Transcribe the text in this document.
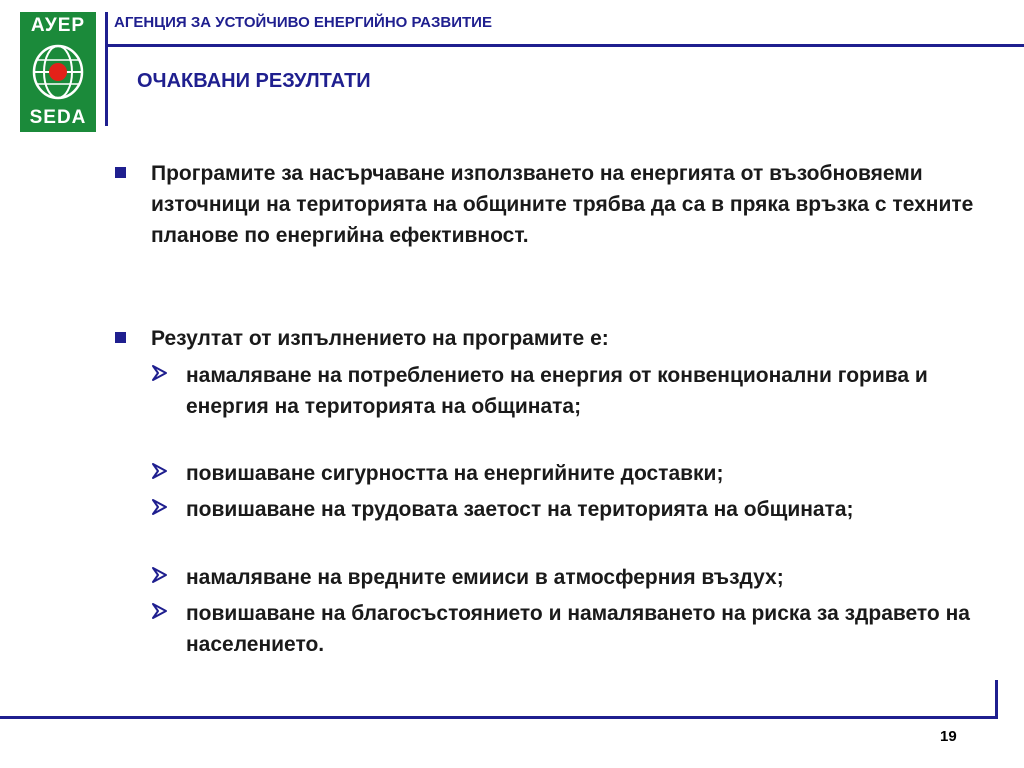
АУЕР
SEDA
АГЕНЦИЯ ЗА УСТОЙЧИВО ЕНЕРГИЙНО РАЗВИТИЕ
ОЧАКВАНИ РЕЗУЛТАТИ
Програмите за насърчаване използването на енергията от възобновяеми източници на територията на общините трябва да са в пряка връзка с техните планове по енергийна ефективност.
Резултат от изпълнението на програмите е:
намаляване на потреблението на енергия от конвенционални горива и енергия на територията на общината;
повишаване сигурността на енергийните доставки;
повишаване на трудовата заетост на територията на общината;
намаляване на вредните емииси в атмосферния въздух;
повишаване на благосъстоянието и намаляването на риска за здравето на населението.
19
